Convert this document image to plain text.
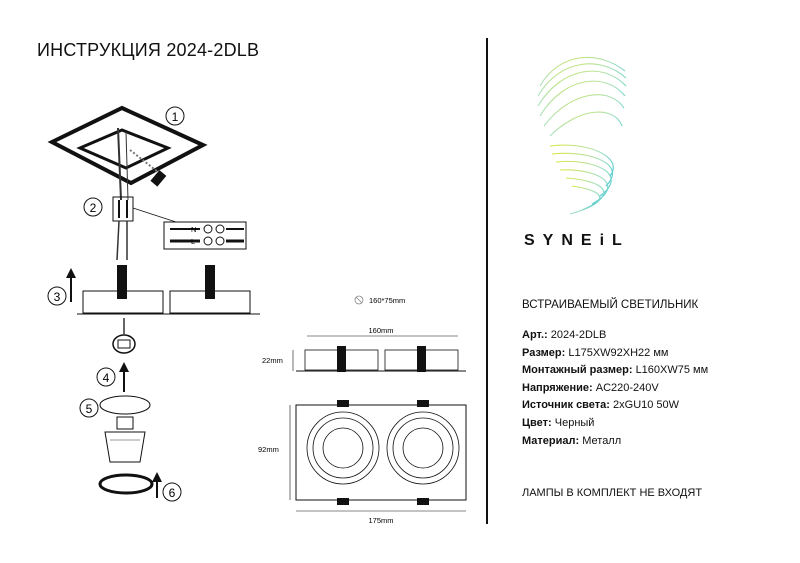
ИНСТРУКЦИЯ 2024-2DLB
1
N
L
2
3
4
5
6
160*75mm
160mm
22mm
92mm
175mm
SYNEiL
ВСТРАИВАЕМЫЙ СВЕТИЛЬНИК
Арт.: 2024-2DLB
Размер: L175XW92XH22 мм
Монтажный размер: L160XW75 мм
Напряжение: AC220-240V
Источник света: 2xGU10 50W
Цвет: Черный
Материал: Металл
ЛАМПЫ В КОМПЛЕКТ НЕ ВХОДЯТ
